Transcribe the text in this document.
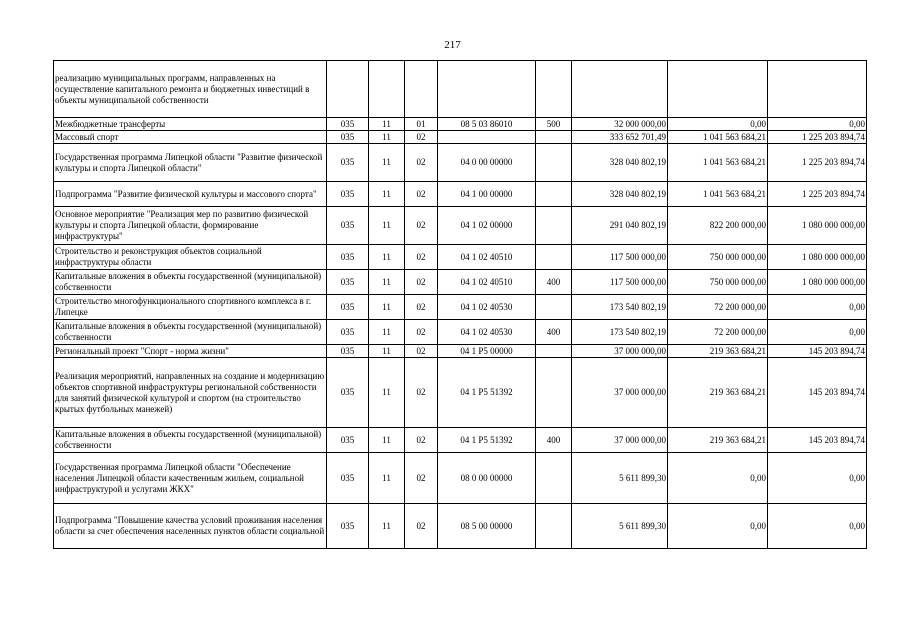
217
реализацию муниципальных программ, направленных на осуществление капитального ремонта и бюджетных инвестиций в объекты муниципальной собственности								
Межбюджетные трансферты	035	11	01	08 5 03 86010	500	32 000 000,00	0,00	0,00
Массовый спорт	035	11	02			333 652 701,49	1 041 563 684,21	1 225 203 894,74
Государственная программа Липецкой области "Развитие физической культуры и спорта Липецкой области"	035	11	02	04 0 00 00000		328 040 802,19	1 041 563 684,21	1 225 203 894,74
Подпрограмма "Развитие физической культуры и массового спорта"	035	11	02	04 1 00 00000		328 040 802,19	1 041 563 684,21	1 225 203 894,74
Основное мероприятие "Реализация мер по развитию физической культуры и спорта Липецкой области, формирование инфраструктуры"	035	11	02	04 1 02 00000		291 040 802,19	822 200 000,00	1 080 000 000,00
Строительство и реконструкция объектов социальной инфраструктуры области	035	11	02	04 1 02 40510		117 500 000,00	750 000 000,00	1 080 000 000,00
Капитальные вложения в объекты государственной (муниципальной) собственности	035	11	02	04 1 02 40510	400	117 500 000,00	750 000 000,00	1 080 000 000,00
Строительство многофункционального спортивного комплекса в г. Липецке	035	11	02	04 1 02 40530		173 540 802,19	72 200 000,00	0,00
Капитальные вложения в объекты государственной (муниципальной) собственности	035	11	02	04 1 02 40530	400	173 540 802,19	72 200 000,00	0,00
Региональный проект "Спорт - норма жизни"	035	11	02	04 1 P5 00000		37 000 000,00	219 363 684,21	145 203 894,74
Реализация мероприятий, направленных на создание и модернизацию объектов спортивной инфраструктуры региональной собственности для занятий физической культурой и спортом (на строительство крытых футбольных манежей)	035	11	02	04 1 P5 51392		37 000 000,00	219 363 684,21	145 203 894,74
Капитальные вложения в объекты государственной (муниципальной) собственности	035	11	02	04 1 P5 51392	400	37 000 000,00	219 363 684,21	145 203 894,74
Государственная программа Липецкой области "Обеспечение населения Липецкой области качественным жильем, социальной инфраструктурой и услугами ЖКХ"	035	11	02	08 0 00 00000		5 611 899,30	0,00	0,00
Подпрограмма "Повышение качества условий проживания населения области за счет обеспечения населенных пунктов области социальной	035	11	02	08 5 00 00000		5 611 899,30	0,00	0,00
